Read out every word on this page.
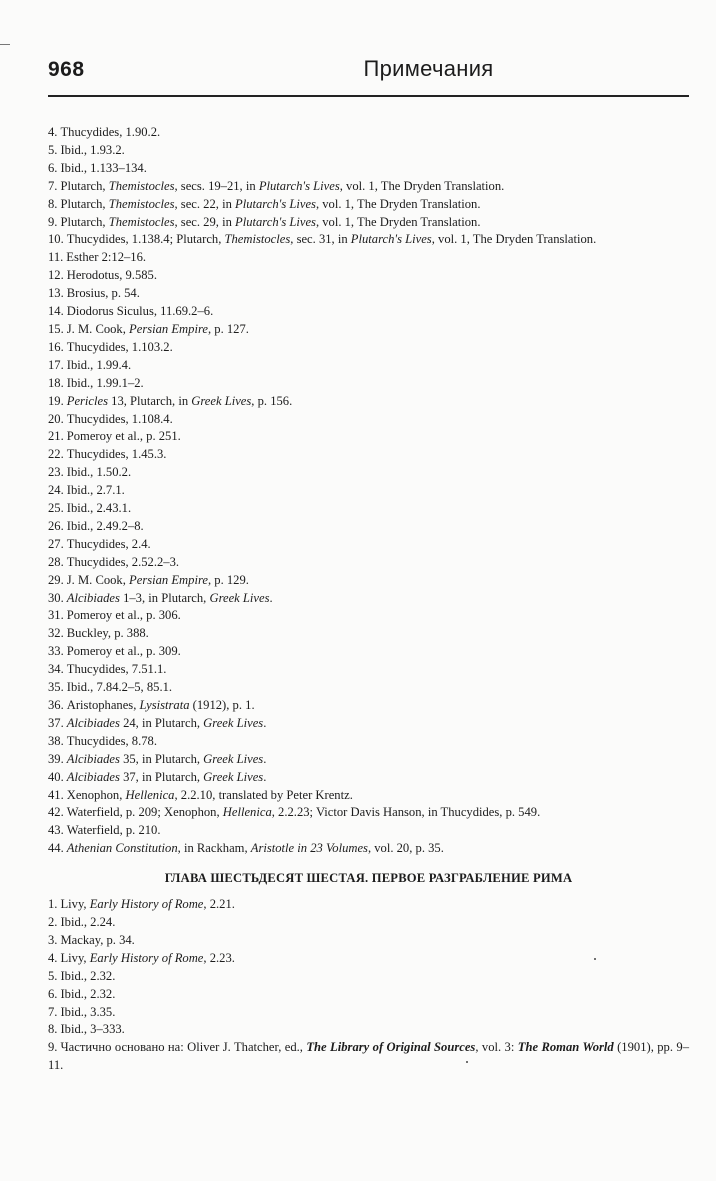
968	Примечания

4. Thucydides, 1.90.2.

5. Ibid., 1.93.2.

6. Ibid., 1.133–134.

7. Plutarch, Themistocles, secs. 19–21, in Plutarch's Lives, vol. 1, The Dryden Translation.

8. Plutarch, Themistocles, sec. 22, in Plutarch's Lives, vol. 1, The Dryden Translation.

9. Plutarch, Themistocles, sec. 29, in Plutarch's Lives, vol. 1, The Dryden Translation.

10. Thucydides, 1.138.4; Plutarch, Themistocles, sec. 31, in Plutarch's Lives, vol. 1, The Dryden Translation.

11. Esther 2:12–16.

12. Herodotus, 9.585.

13. Brosius, p. 54.

14. Diodorus Siculus, 11.69.2–6.

15. J. M. Cook, Persian Empire, p. 127.

16. Thucydides, 1.103.2.

17. Ibid., 1.99.4.

18. Ibid., 1.99.1–2.

19. Pericles 13, Plutarch, in Greek Lives, p. 156.

20. Thucydides, 1.108.4.

21. Pomeroy et al., p. 251.

22. Thucydides, 1.45.3.

23. Ibid., 1.50.2.

24. Ibid., 2.7.1.

25. Ibid., 2.43.1.

26. Ibid., 2.49.2–8.

27. Thucydides, 2.4.

28. Thucydides, 2.52.2–3.

29. J. M. Cook, Persian Empire, p. 129.

30. Alcibiades 1–3, in Plutarch, Greek Lives.

31. Pomeroy et al., p. 306.

32. Buckley, p. 388.

33. Pomeroy et al., p. 309.

34. Thucydides, 7.51.1.

35. Ibid., 7.84.2–5, 85.1.

36. Aristophanes, Lysistrata (1912), p. 1.

37. Alcibiades 24, in Plutarch, Greek Lives.

38. Thucydides, 8.78.

39. Alcibiades 35, in Plutarch, Greek Lives.

40. Alcibiades 37, in Plutarch, Greek Lives.

41. Xenophon, Hellenica, 2.2.10, translated by Peter Krentz.

42. Waterfield, p. 209; Xenophon, Hellenica, 2.2.23; Victor Davis Hanson, in Thucydides, p. 549.

43. Waterfield, p. 210.

44. Athenian Constitution, in Rackham, Aristotle in 23 Volumes, vol. 20, p. 35.

ГЛАВА ШЕСТЬДЕСЯТ ШЕСТАЯ. ПЕРВОЕ РАЗГРАБЛЕНИЕ РИМА

1. Livy, Early History of Rome, 2.21.

2. Ibid., 2.24.

3. Mackay, p. 34.

4. Livy, Early History of Rome, 2.23.

5. Ibid., 2.32.

6. Ibid., 2.32.

7. Ibid., 3.35.

8. Ibid., 3–333.

9. Частично основано на: Oliver J. Thatcher, ed., The Library of Original Sources, vol. 3: The Roman World (1901), pp. 9–11.
